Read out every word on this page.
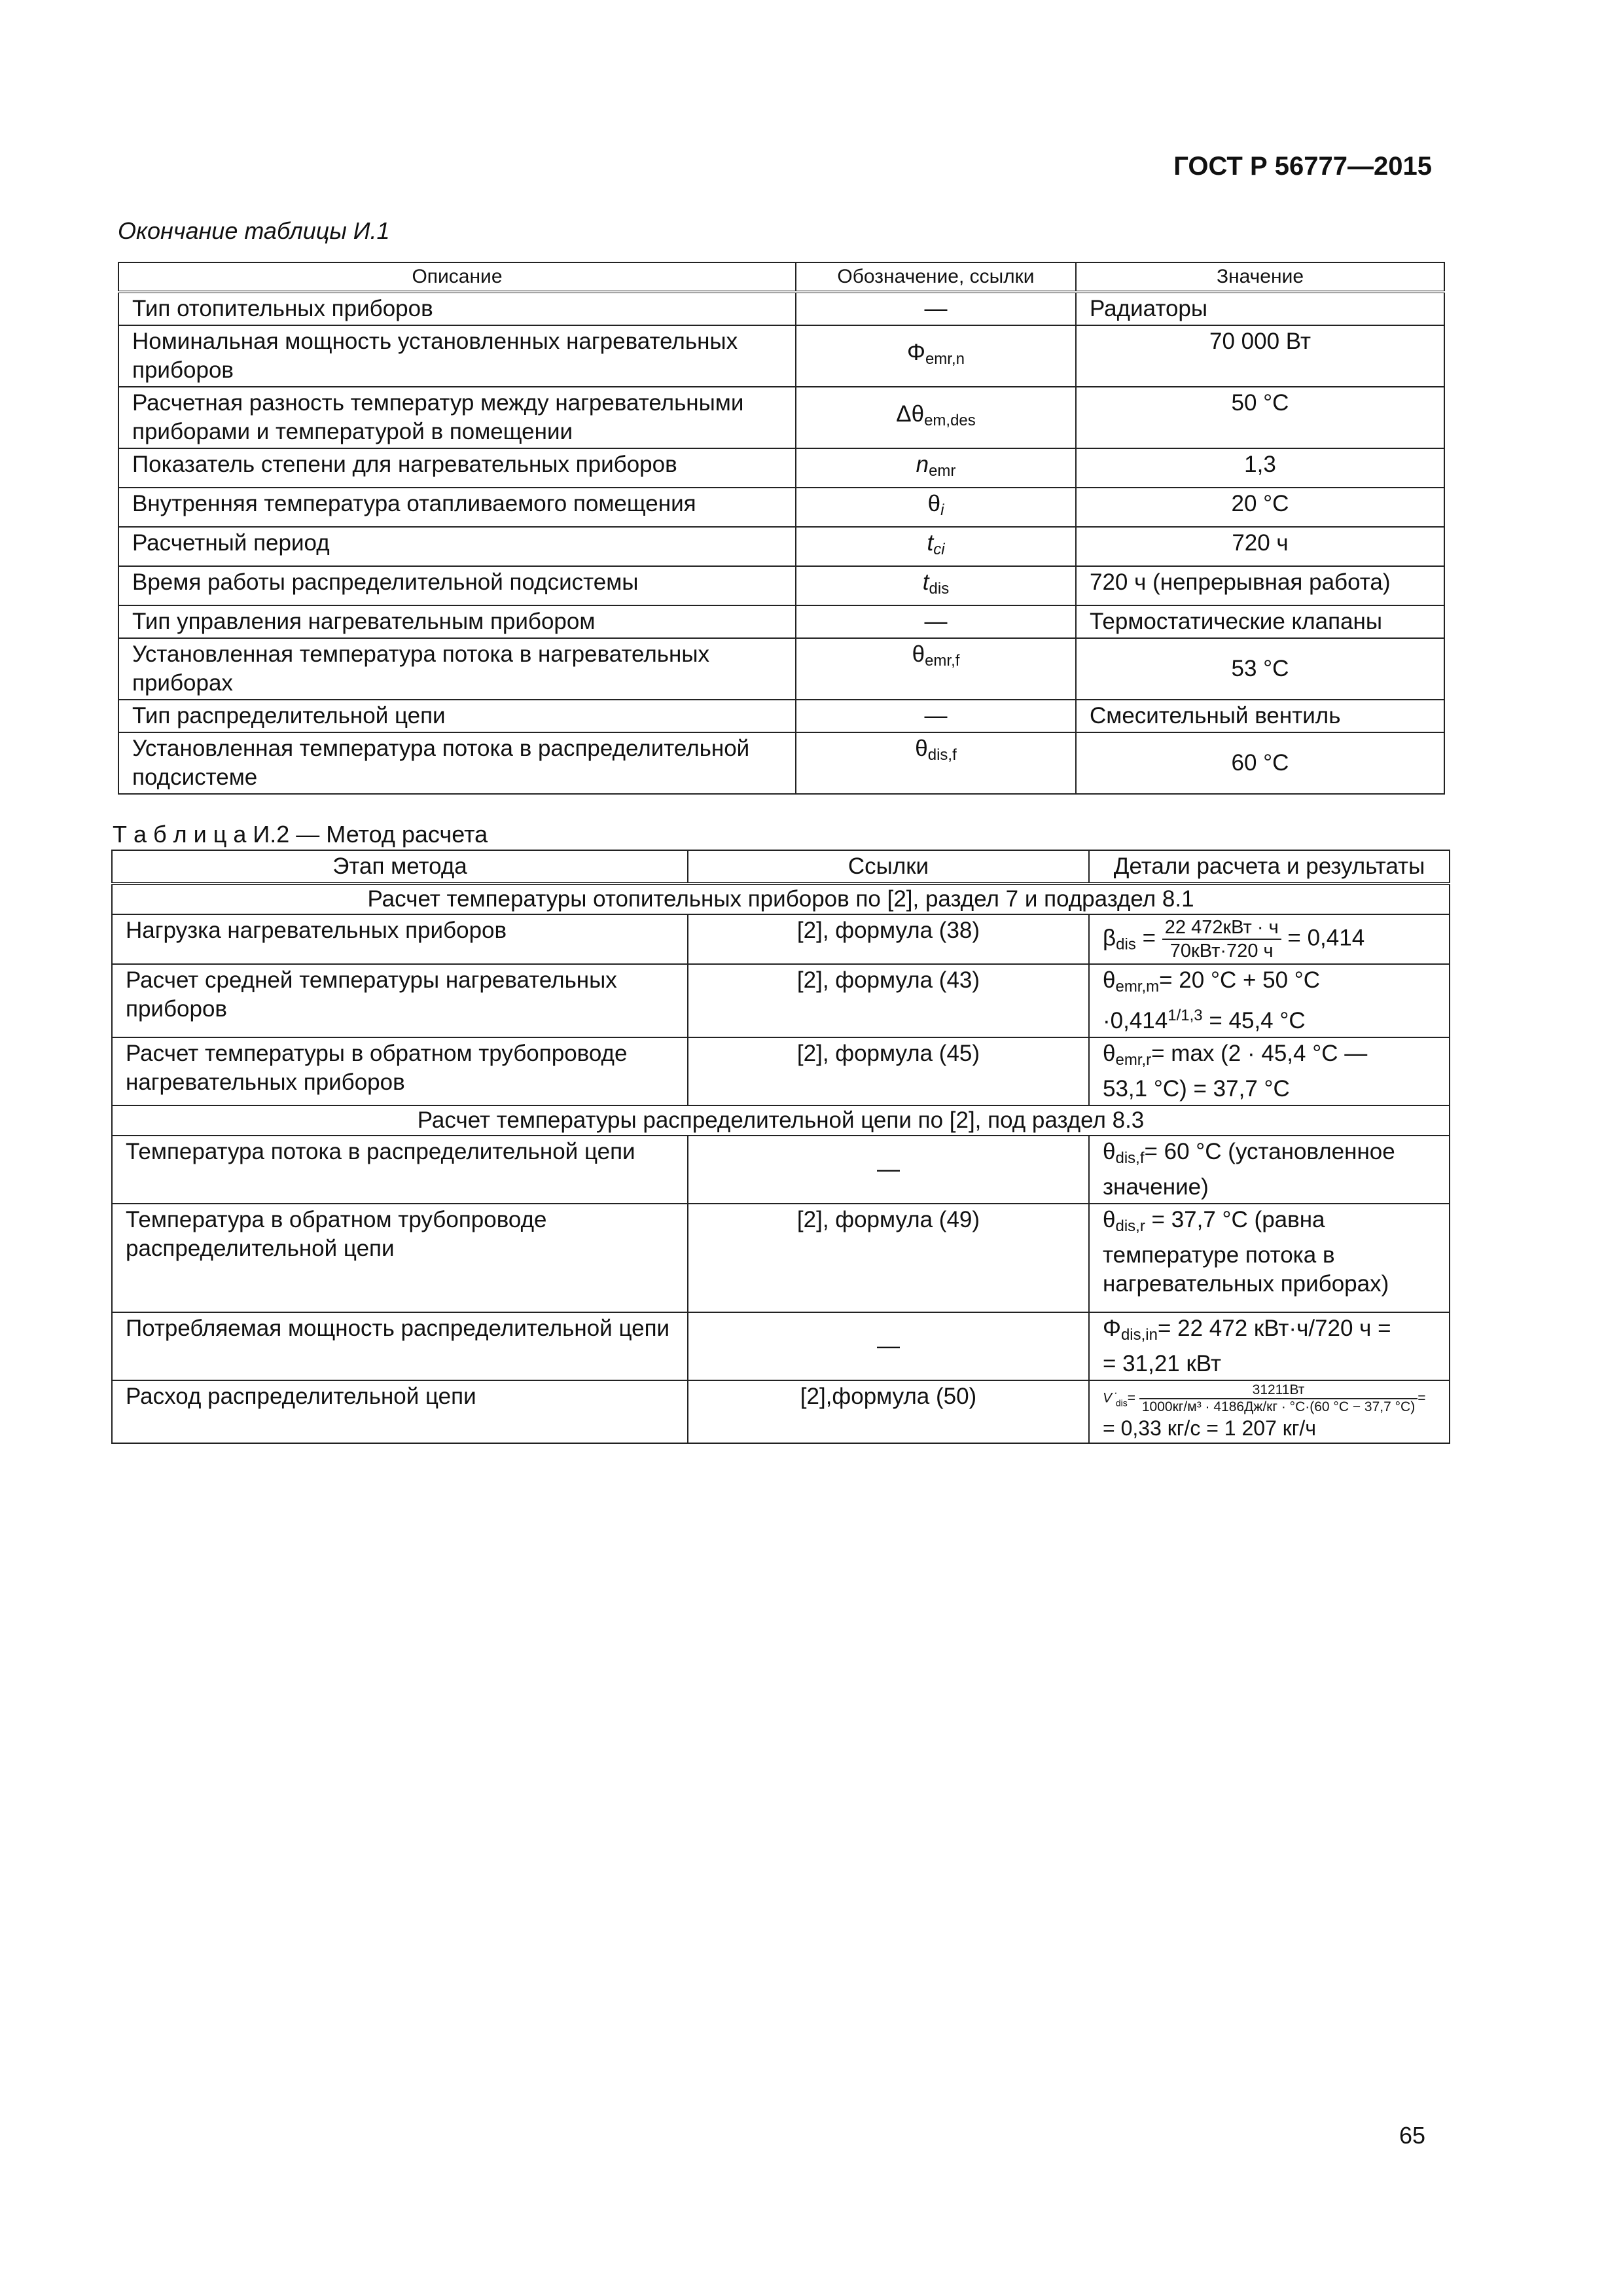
ГОСТ Р 56777—2015
Окончание таблицы И.1
Описание	Обозначение, ссылки	Значение
Тип отопительных приборов	—	Радиаторы
Номинальная мощность установленных нагревательных приборов	$\Phi_{emr,n}$	70 000 Вт
Расчетная разность температур между нагревательными приборами и температурой в помещении	$\Delta\theta_{em,des}$	50 °С
Показатель степени для нагревательных приборов	$n_{emr}$	1,3
Внутренняя температура отапливаемого помещения	$\theta_i$	20 °С
Расчетный период	$t_{ci}$	720 ч
Время работы распределительной подсистемы	$t_{dis}$	720 ч (непрерывная работа)
Тип управления нагревательным прибором	—	Термостатические клапаны
Установленная температура потока в нагревательных приборах	$\theta_{emr,f}$	53 °С
Тип распределительной цепи	—	Смесительный вентиль
Установленная температура потока в распределительной подсистеме	$\theta_{dis,f}$	60 °С
Т а б л и ц а И.2 — Метод расчета
Этап метода	Ссылки	Детали расчета и результаты
Расчет температуры отопительных приборов по [2], раздел 7 и подраздел 8.1		
Нагрузка нагревательных приборов	[2], формула (38)	$\beta_{dis} = \frac{\text{22 472кВт · ч}}{\text{70кВт·720 ч}} = 0,414$
Расчет средней температуры нагревательных приборов	[2], формула (43)	$\theta_{emr,m}= 20$ °С + 50 °С
$\cdot 0,414^{1/1,3} = 45,4$ °С
Расчет температуры в обратном трубопроводе нагревательных приборов	[2], формула (45)	$\theta_{emr,r}= \max (2 \cdot 45,4$ °С —
53,1 °С) = 37,7 °С
Расчет температуры распределительной цепи по [2], под раздел 8.3		
Температура потока в распределительной цепи	—	$\theta_{dis,f}= 60$ °С (установленное значение)
Температура в обратном трубопроводе распределительной цепи	[2], формула (49)	$\theta_{dis,r} = 37,7$ °С (равна температуре потока в нагревательных приборах)
Потребляемая мощность распределительной цепи	—	$\Phi_{dis,in}= 22$ 472 кВт·ч/720 ч =
= 31,21 кВт
Расход распределительной цепи	[2],формула (50)	V $̇_{dis}= \frac{31211Вт}{\text{1000кг/м³ · 4186Дж/кг · °С·(60 °С − 37,7 °С)}}$ =
= 0,33 кг/с = 1 207 кг/ч
65
